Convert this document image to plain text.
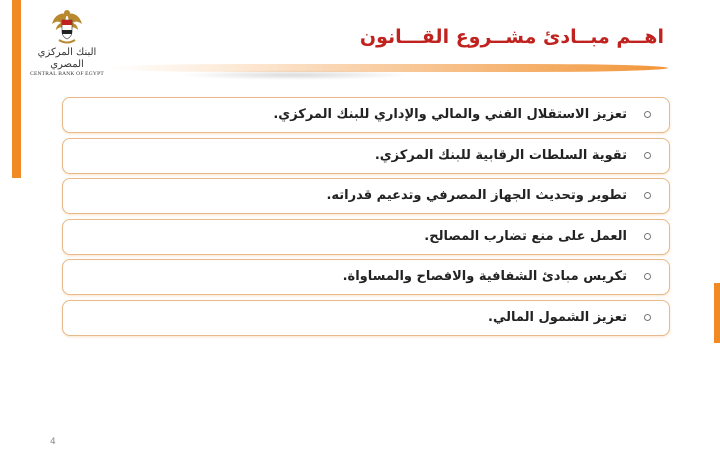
البنك المركزي المصري
CENTRAL BANK OF EGYPT
اهــم مبــادئ مشــروع القـــانون
تعزيز الاستقلال الفني والمالي والإداري للبنك المركزي.
تقوية السلطات الرقابية للبنك المركزي.
تطوير وتحديث الجهاز المصرفي وتدعيم قدراته.
العمل على منع تضارب المصالح.
تكريس مبادئ الشفافية والافصاح والمساواة.
تعزيز الشمول المالي.
4
